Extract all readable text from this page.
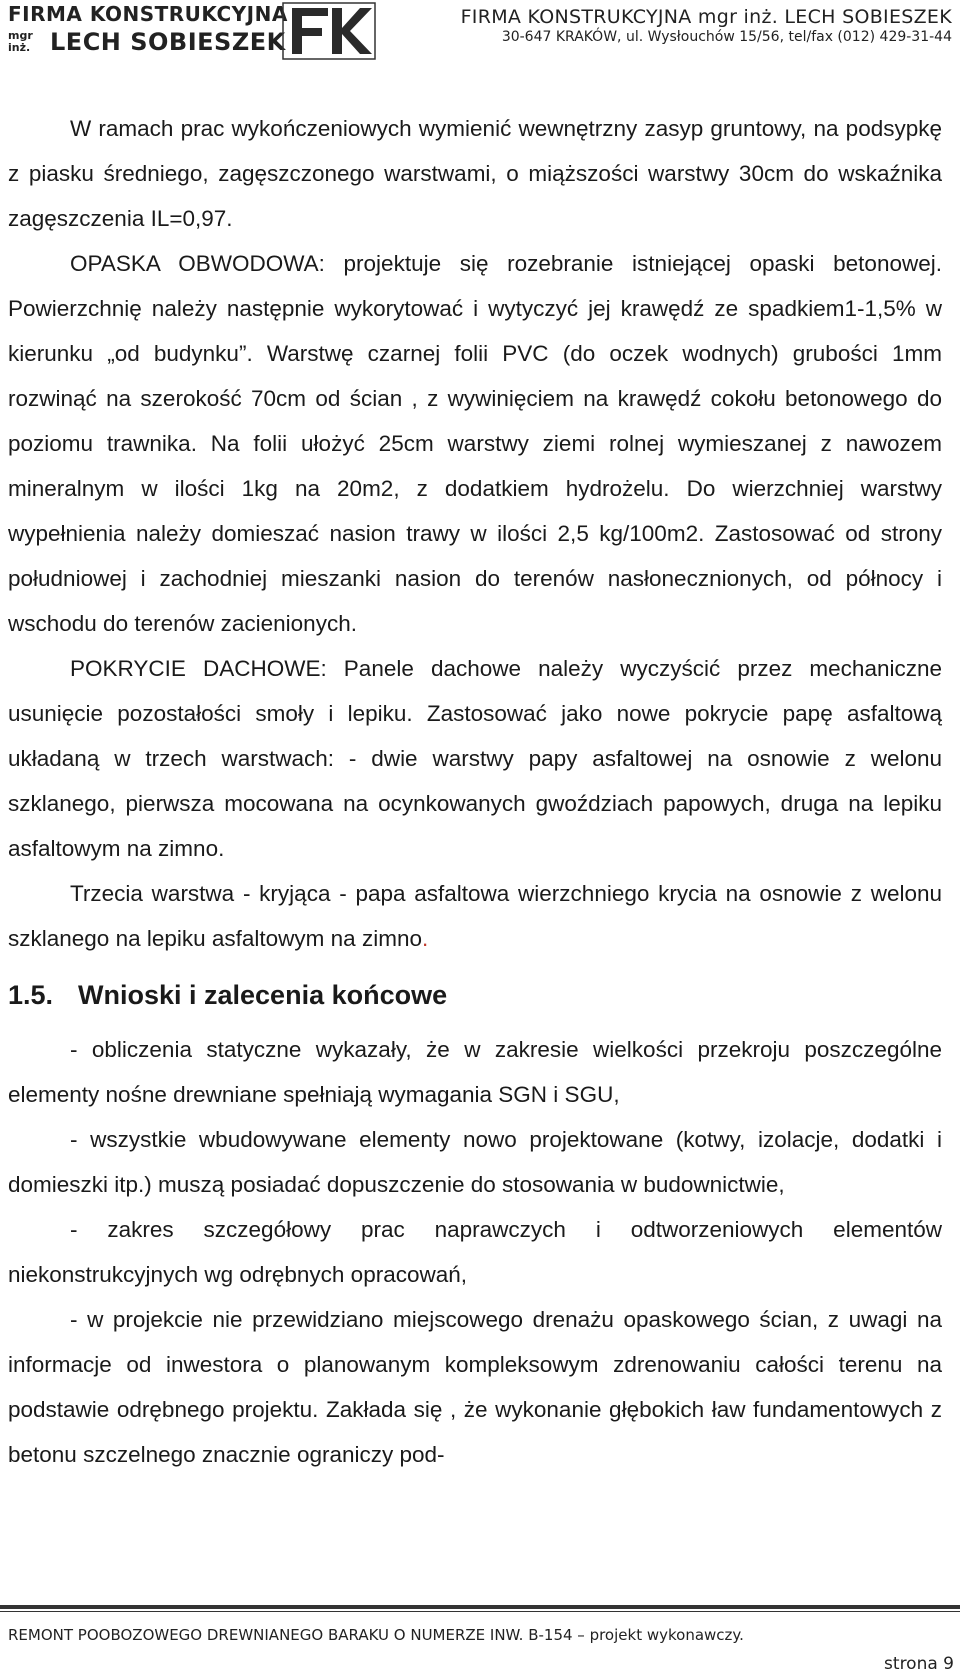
FIRMA KONSTRUKCYJNA
mgr
inż. LECH SOBIESZEK
FIRMA KONSTRUKCYJNA mgr inż. LECH SOBIESZEK
30-647 KRAKÓW, ul. Wysłouchów 15/56, tel/fax (012) 429-31-44

W ramach prac wykończeniowych wymienić wewnętrzny zasyp gruntowy, na podsypkę z piasku średniego, zagęszczonego warstwami, o miąższości warstwy 30cm do wskaźnika zagęszczenia IL=0,97.

OPASKA OBWODOWA: projektuje się rozebranie istniejącej opaski betonowej. Powierzchnię należy następnie wykorytować i wytyczyć jej krawędź ze spadkiem1-1,5% w kierunku „od budynku”. Warstwę czarnej folii PVC (do oczek wodnych) grubości 1mm rozwinąć na szerokość 70cm od ścian , z wywinięciem na krawędź cokołu betonowego do poziomu trawnika. Na folii ułożyć 25cm warstwy ziemi rolnej wymieszanej z nawozem mineralnym w ilości 1kg na 20m2, z dodatkiem hydrożelu. Do wierzchniej warstwy wypełnienia należy domieszać nasion trawy w ilości 2,5 kg/100m2. Zastosować od strony południowej i zachodniej mieszanki nasion do terenów nasłonecznionych, od północy i wschodu do terenów zacienionych.

POKRYCIE DACHOWE: Panele dachowe należy wyczyścić przez mechaniczne usunięcie pozostałości smoły i lepiku. Zastosować jako nowe pokrycie papę asfaltową układaną w trzech warstwach: - dwie warstwy papy asfaltowej na osnowie z welonu szklanego, pierwsza mocowana na ocynkowanych gwoździach papowych, druga na lepiku asfaltowym na zimno.

Trzecia warstwa - kryjąca - papa asfaltowa wierzchniego krycia na osnowie z welonu szklanego na lepiku asfaltowym na zimno.

1.5. Wnioski i zalecenia końcowe

- obliczenia statyczne wykazały, że w zakresie wielkości przekroju poszczególne elementy nośne drewniane spełniają wymagania SGN i SGU,

- wszystkie wbudowywane elementy nowo projektowane (kotwy, izolacje, dodatki i domieszki itp.) muszą posiadać dopuszczenie do stosowania w budownictwie,

- zakres szczegółowy prac naprawczych i odtworzeniowych elementów niekonstrukcyjnych wg odrębnych opracowań,

- w projekcie nie przewidziano miejscowego drenażu opaskowego ścian, z uwagi na informacje od inwestora o planowanym kompleksowym zdrenowaniu całości terenu na podstawie odrębnego projektu. Zakłada się , że wykonanie głębokich ław fundamentowych z betonu szczelnego znacznie ograniczy pod-

REMONT POOBOZOWEGO DREWNIANEGO BARAKU O NUMERZE INW. B-154 – projekt wykonawczy.
strona 9
